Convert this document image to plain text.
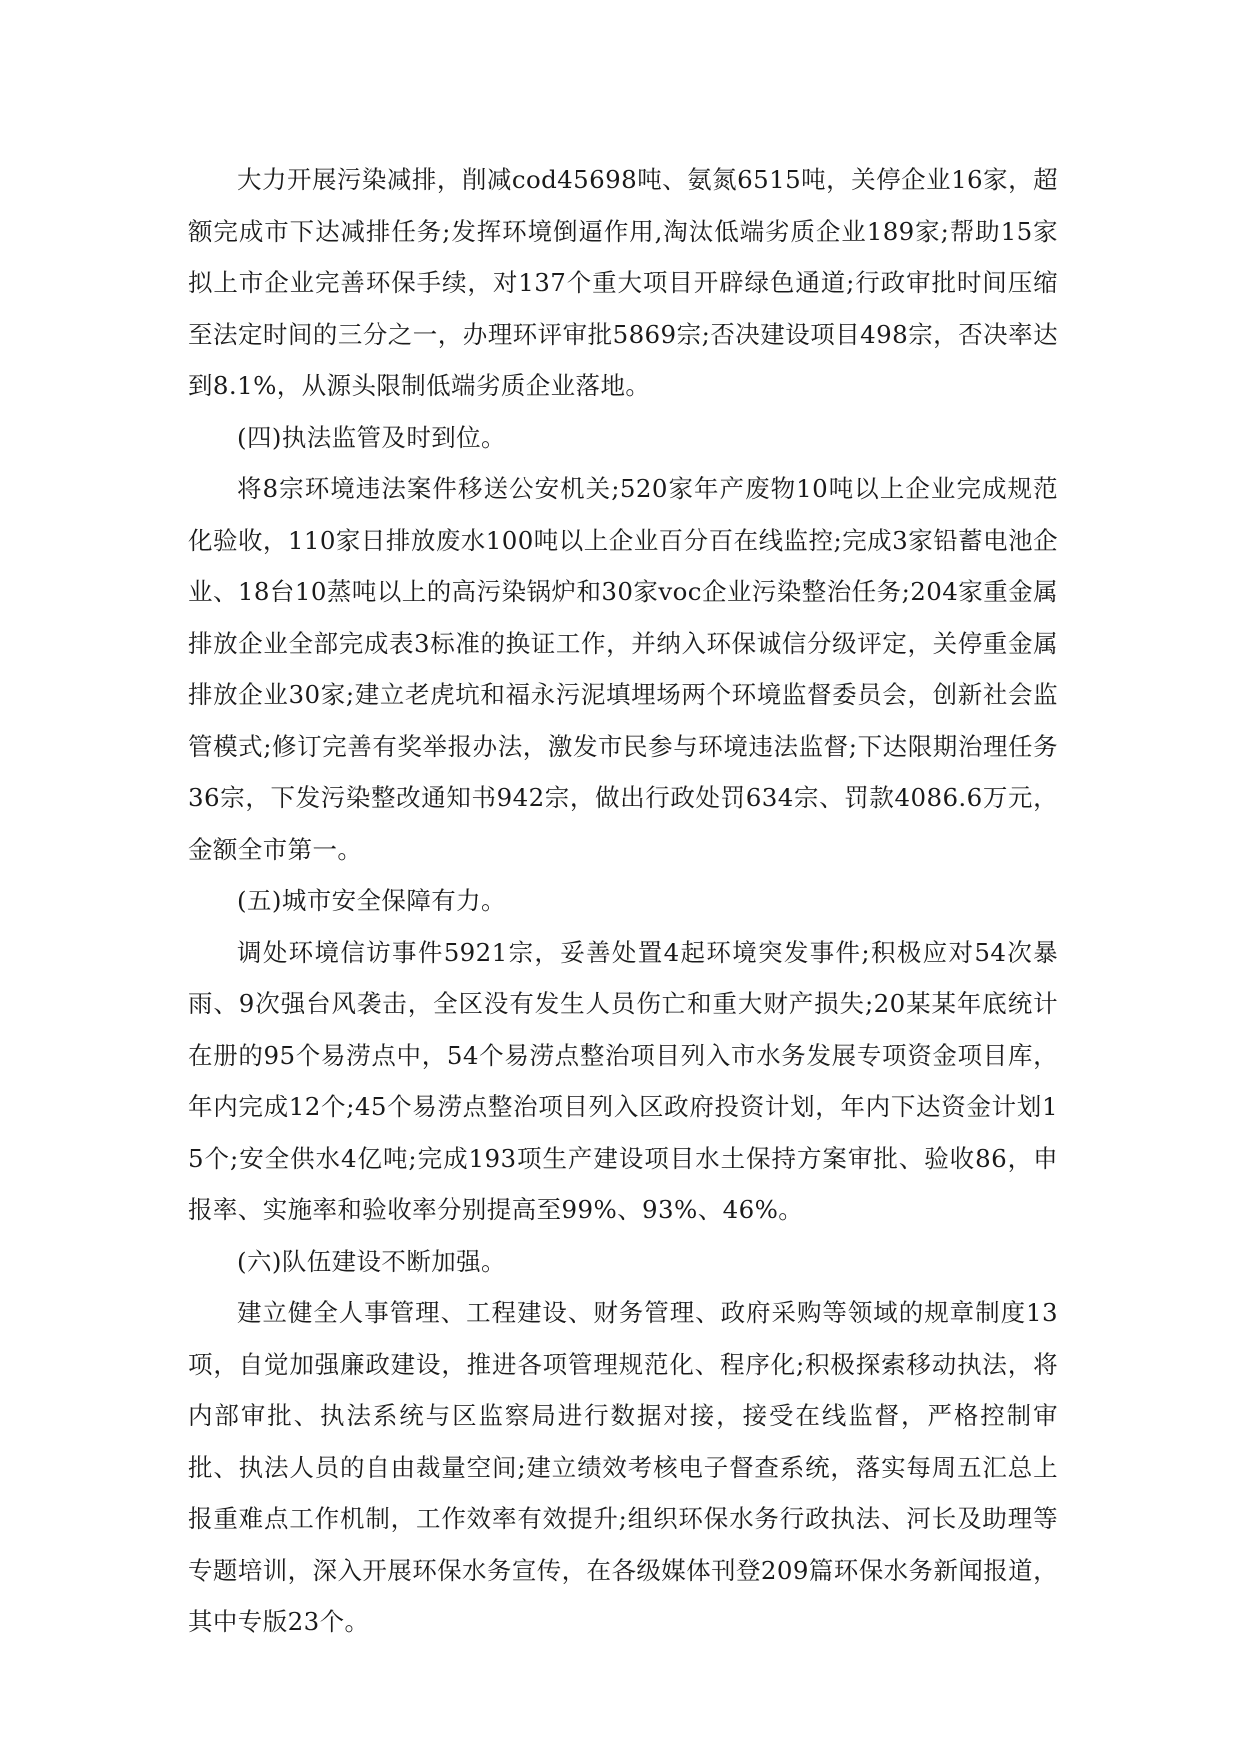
大力开展污染减排，削减cod45698吨、氨氮6515吨，关停企业16家，超额完成市下达减排任务;发挥环境倒逼作用,淘汰低端劣质企业189家;帮助15家拟上市企业完善环保手续，对137个重大项目开辟绿色通道;行政审批时间压缩至法定时间的三分之一，办理环评审批5869宗;否决建设项目498宗，否决率达到8.1%，从源头限制低端劣质企业落地。

(四)执法监管及时到位。

将8宗环境违法案件移送公安机关;520家年产废物10吨以上企业完成规范化验收，110家日排放废水100吨以上企业百分百在线监控;完成3家铅蓄电池企业、18台10蒸吨以上的高污染锅炉和30家voc企业污染整治任务;204家重金属排放企业全部完成表3标准的换证工作，并纳入环保诚信分级评定，关停重金属排放企业30家;建立老虎坑和福永污泥填埋场两个环境监督委员会，创新社会监管模式;修订完善有奖举报办法，激发市民参与环境违法监督;下达限期治理任务36宗，下发污染整改通知书942宗，做出行政处罚634宗、罚款4086.6万元，金额全市第一。

(五)城市安全保障有力。

调处环境信访事件5921宗，妥善处置4起环境突发事件;积极应对54次暴雨、9次强台风袭击，全区没有发生人员伤亡和重大财产损失;20某某年底统计在册的95个易涝点中，54个易涝点整治项目列入市水务发展专项资金项目库，年内完成12个;45个易涝点整治项目列入区政府投资计划，年内下达资金计划15个;安全供水4亿吨;完成193项生产建设项目水土保持方案审批、验收86，申报率、实施率和验收率分别提高至99%、93%、46%。

(六)队伍建设不断加强。

建立健全人事管理、工程建设、财务管理、政府采购等领域的规章制度13项，自觉加强廉政建设，推进各项管理规范化、程序化;积极探索移动执法，将内部审批、执法系统与区监察局进行数据对接，接受在线监督，严格控制审批、执法人员的自由裁量空间;建立绩效考核电子督查系统，落实每周五汇总上报重难点工作机制，工作效率有效提升;组织环保水务行政执法、河长及助理等专题培训，深入开展环保水务宣传，在各级媒体刊登209篇环保水务新闻报道，其中专版23个。
